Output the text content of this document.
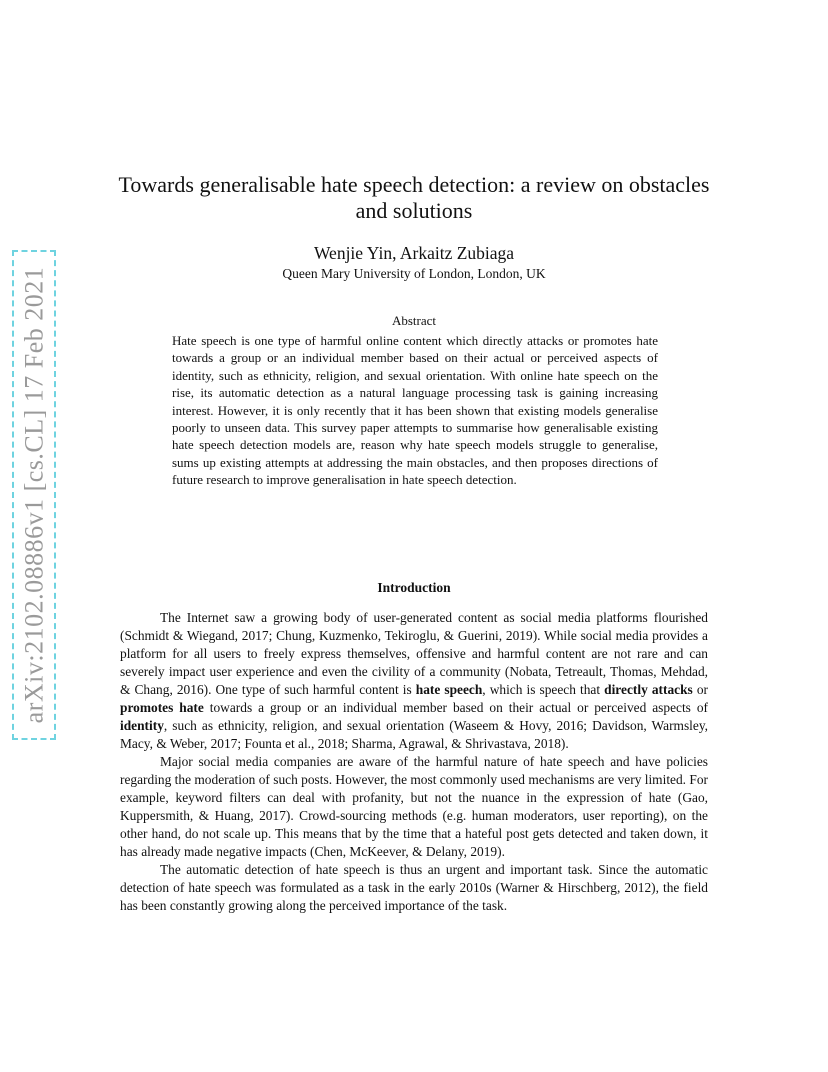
arXiv:2102.08886v1 [cs.CL] 17 Feb 2021
Towards generalisable hate speech detection: a review on obstacles and solutions

Wenjie Yin, Arkaitz Zubiaga

Queen Mary University of London, London, UK

Abstract

Hate speech is one type of harmful online content which directly attacks or promotes hate towards a group or an individual member based on their actual or perceived aspects of identity, such as ethnicity, religion, and sexual orientation. With online hate speech on the rise, its automatic detection as a natural language processing task is gaining increasing interest. However, it is only recently that it has been shown that existing models generalise poorly to unseen data. This survey paper attempts to summarise how generalisable existing hate speech detection models are, reason why hate speech models struggle to generalise, sums up existing attempts at addressing the main obstacles, and then proposes directions of future research to improve generalisation in hate speech detection.

Introduction

The Internet saw a growing body of user-generated content as social media platforms flourished (Schmidt & Wiegand, 2017; Chung, Kuzmenko, Tekiroglu, & Guerini, 2019). While social media provides a platform for all users to freely express themselves, offensive and harmful content are not rare and can severely impact user experience and even the civility of a community (Nobata, Tetreault, Thomas, Mehdad, & Chang, 2016). One type of such harmful content is hate speech, which is speech that directly attacks or promotes hate towards a group or an individual member based on their actual or perceived aspects of identity, such as ethnicity, religion, and sexual orientation (Waseem & Hovy, 2016; Davidson, Warmsley, Macy, & Weber, 2017; Founta et al., 2018; Sharma, Agrawal, & Shrivastava, 2018).

Major social media companies are aware of the harmful nature of hate speech and have policies regarding the moderation of such posts. However, the most commonly used mechanisms are very limited. For example, keyword filters can deal with profanity, but not the nuance in the expression of hate (Gao, Kuppersmith, & Huang, 2017). Crowd-sourcing methods (e.g. human moderators, user reporting), on the other hand, do not scale up. This means that by the time that a hateful post gets detected and taken down, it has already made negative impacts (Chen, McKeever, & Delany, 2019).

The automatic detection of hate speech is thus an urgent and important task. Since the automatic detection of hate speech was formulated as a task in the early 2010s (Warner & Hirschberg, 2012), the field has been constantly growing along the perceived importance of the task.
